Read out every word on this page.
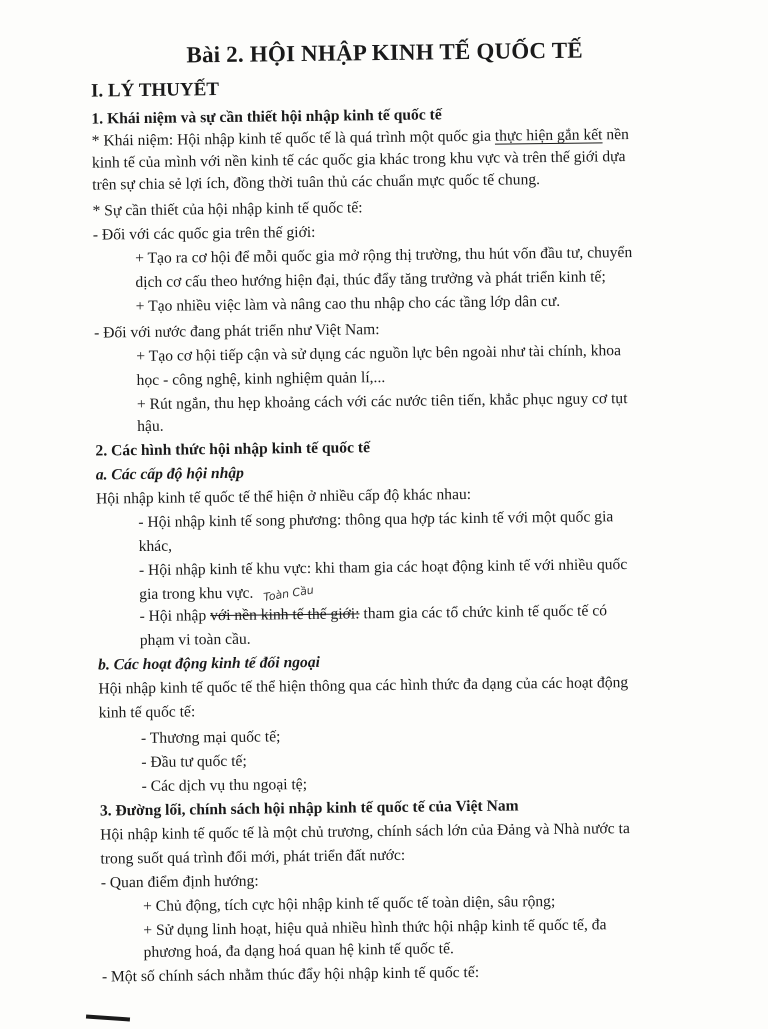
Bài 2. HỘI NHẬP KINH TẾ QUỐC TẾ
I. LÝ THUYẾT
1. Khái niệm và sự cần thiết hội nhập kinh tế quốc tế
* Khái niệm: Hội nhập kinh tế quốc tế là quá trình một quốc gia thực hiện gắn kết nền
kinh tế của mình với nền kinh tế các quốc gia khác trong khu vực và trên thế giới dựa
trên sự chia sẻ lợi ích, đồng thời tuân thủ các chuẩn mực quốc tế chung.
* Sự cần thiết của hội nhập kinh tế quốc tế:
- Đối với các quốc gia trên thế giới:
+ Tạo ra cơ hội để mỗi quốc gia mở rộng thị trường, thu hút vốn đầu tư, chuyển
dịch cơ cấu theo hướng hiện đại, thúc đẩy tăng trưởng và phát triển kinh tế;
+ Tạo nhiều việc làm và nâng cao thu nhập cho các tầng lớp dân cư.
- Đối với nước đang phát triển như Việt Nam:
+ Tạo cơ hội tiếp cận và sử dụng các nguồn lực bên ngoài như tài chính, khoa
học - công nghệ, kinh nghiệm quản lí,...
+ Rút ngắn, thu hẹp khoảng cách với các nước tiên tiến, khắc phục nguy cơ tụt
hậu.
2. Các hình thức hội nhập kinh tế quốc tế
a. Các cấp độ hội nhập
Hội nhập kinh tế quốc tế thể hiện ở nhiều cấp độ khác nhau:
- Hội nhập kinh tế song phương: thông qua hợp tác kinh tế với một quốc gia
khác,
- Hội nhập kinh tế khu vực: khi tham gia các hoạt động kinh tế với nhiều quốc
gia trong khu vực. Toàn Cầu
- Hội nhập với nền kinh tế thế giới: tham gia các tổ chức kinh tế quốc tế có
phạm vi toàn cầu.
b. Các hoạt động kinh tế đối ngoại
Hội nhập kinh tế quốc tế thể hiện thông qua các hình thức đa dạng của các hoạt động
kinh tế quốc tế:
- Thương mại quốc tế;
- Đầu tư quốc tế;
- Các dịch vụ thu ngoại tệ;
3. Đường lối, chính sách hội nhập kinh tế quốc tế của Việt Nam
Hội nhập kinh tế quốc tế là một chủ trương, chính sách lớn của Đảng và Nhà nước ta
trong suốt quá trình đổi mới, phát triển đất nước:
- Quan điểm định hướng:
+ Chủ động, tích cực hội nhập kinh tế quốc tế toàn diện, sâu rộng;
+ Sử dụng linh hoạt, hiệu quả nhiều hình thức hội nhập kinh tế quốc tế, đa
phương hoá, đa dạng hoá quan hệ kinh tế quốc tế.
- Một số chính sách nhằm thúc đẩy hội nhập kinh tế quốc tế:
